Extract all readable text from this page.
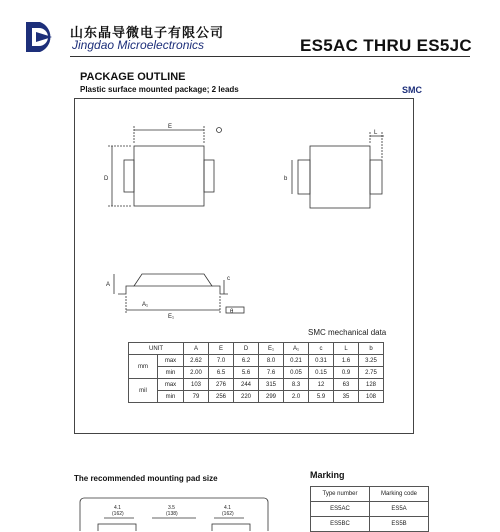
山东晶导微电子有限公司
Jingdao Microelectronics	ES5AC THRU ES5JC
PACKAGE OUTLINE
Plastic surface mounted package; 2 leads	SMC
E
D	b
L
c
A
A₁
E₁
θ
SMC mechanical data
UNIT		A	E	D	E₁	A₁	c	L	b
mm	max	2.62	7.0	6.2	8.0	0.21	0.31	1.6	3.25
	min	2.00	6.5	5.6	7.6	0.05	0.15	0.9	2.75
mil	max	103	276	244	315	8.3	12	63	128
	min	79	256	220	299	2.0	5.9	35	108
The recommended mounting pad size
4.1
(162)
3.5
(138)
4.1
(162)
Marking
Type number	Marking code
ES5AC	ES5A
ES5BC	ES5B
